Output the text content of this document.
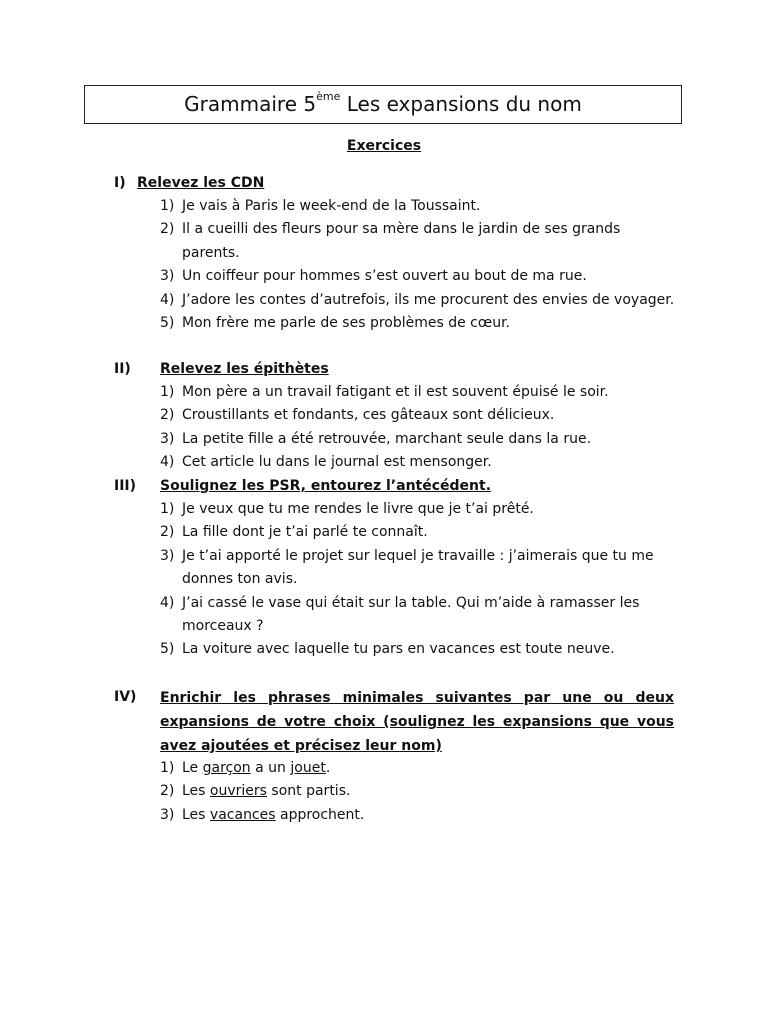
Grammaire 5ème Les expansions du nom
Exercices
I) Relevez les CDN
1) Je vais à Paris le week-end de la Toussaint.
2) Il a cueilli des fleurs pour sa mère dans le jardin de ses grands parents.
3) Un coiffeur pour hommes s’est ouvert au bout de ma rue.
4) J’adore les contes d’autrefois, ils me procurent des envies de voyager.
5) Mon frère me parle de ses problèmes de cœur.
II) Relevez les épithètes
1) Mon père a un travail fatigant et il est souvent épuisé le soir.
2) Croustillants et fondants, ces gâteaux sont délicieux.
3) La petite fille a été retrouvée, marchant seule dans la rue.
4) Cet article lu dans le journal est mensonger.
III) Soulignez les PSR, entourez l’antécédent.
1) Je veux que tu me rendes le livre que je t’ai prêté.
2) La fille dont je t’ai parlé te connaît.
3) Je t’ai apporté le projet sur lequel je travaille : j’aimerais que tu me donnes ton avis.
4) J’ai cassé le vase qui était sur la table. Qui m’aide à ramasser les morceaux ?
5) La voiture avec laquelle tu pars en vacances est toute neuve.
IV) Enrichir les phrases minimales suivantes par une ou deux expansions de votre choix (soulignez les expansions que vous avez ajoutées et précisez leur nom)
1) Le garçon a un jouet.
2) Les ouvriers sont partis.
3) Les vacances approchent.
